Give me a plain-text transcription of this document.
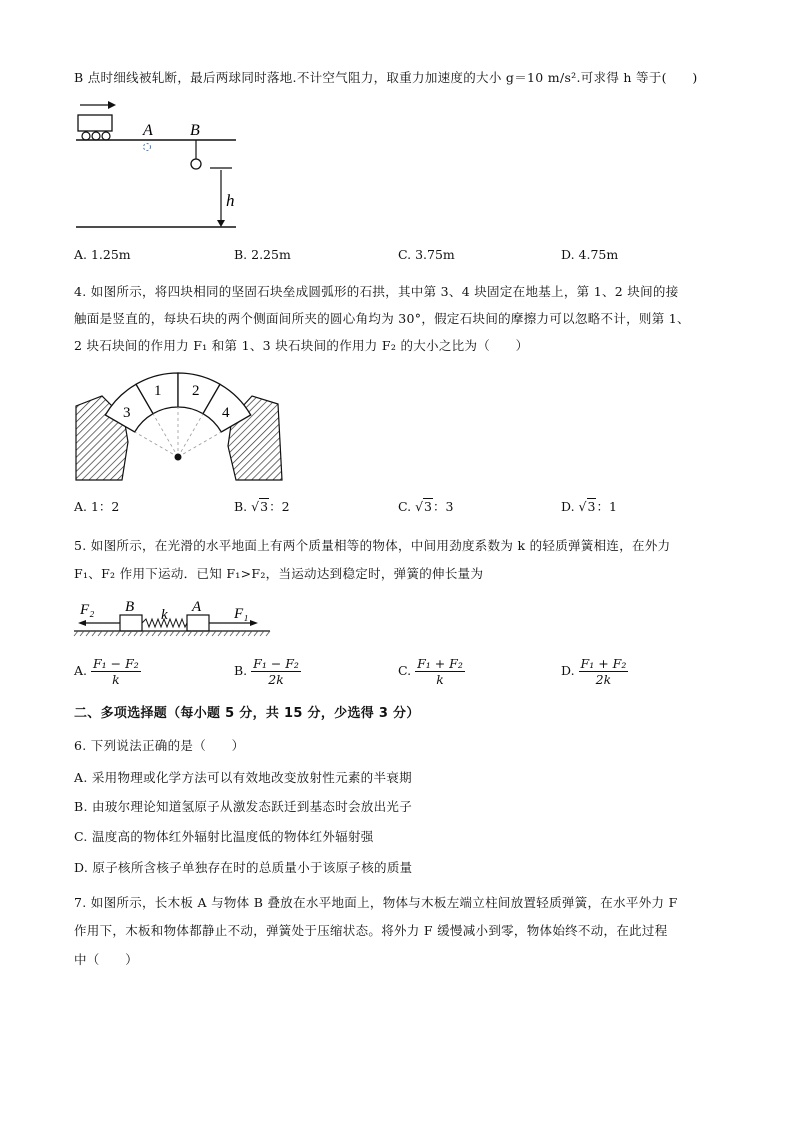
B 点时细线被轧断，最后两球同时落地.不计空气阻力，取重力加速度的大小 g＝10 m/s².可求得 h 等于(　　)
A B
h
A. 1.25m	B. 2.25m	C. 3.75m	D. 4.75m
4. 如图所示，将四块相同的坚固石块垒成圆弧形的石拱，其中第 3、4 块固定在地基上，第 1、2 块间的接
触面是竖直的，每块石块的两个侧面间所夹的圆心角均为 30°，假定石块间的摩擦力可以忽略不计，则第 1、
2 块石块间的作用力 F₁ 和第 1、3 块石块间的作用力 F₂ 的大小之比为（　　）
1 2
3	4
A. 1：2	B. √3：2	C. √3：3	D. √3：1
5. 如图所示，在光滑的水平地面上有两个质量相等的物体，中间用劲度系数为 k 的轻质弹簧相连，在外力
F₁、F₂ 作用下运动．已知 F₁>F₂，当运动达到稳定时，弹簧的伸长量为
F₂ B k A F₁
A. $\frac{\text{F₁ − F₂}}{k}$	B. $\frac{\text{F₁ − F₂}}{2k}$	C. $\frac{\text{F₁ + F₂}}{k}$	D. $\frac{\text{F₁ + F₂}}{2k}$
二、多项选择题（每小题 5 分，共 15 分，少选得 3 分）
6. 下列说法正确的是（　　）
A. 采用物理或化学方法可以有效地改变放射性元素的半衰期
B. 由玻尔理论知道氢原子从激发态跃迁到基态时会放出光子
C. 温度高的物体红外辐射比温度低的物体红外辐射强
D. 原子核所含核子单独存在时的总质量小于该原子核的质量
7. 如图所示，长木板 A 与物体 B 叠放在水平地面上，物体与木板左端立柱间放置轻质弹簧，在水平外力 F
作用下，木板和物体都静止不动，弹簧处于压缩状态。将外力 F 缓慢减小到零，物体始终不动，在此过程
中（　　）
